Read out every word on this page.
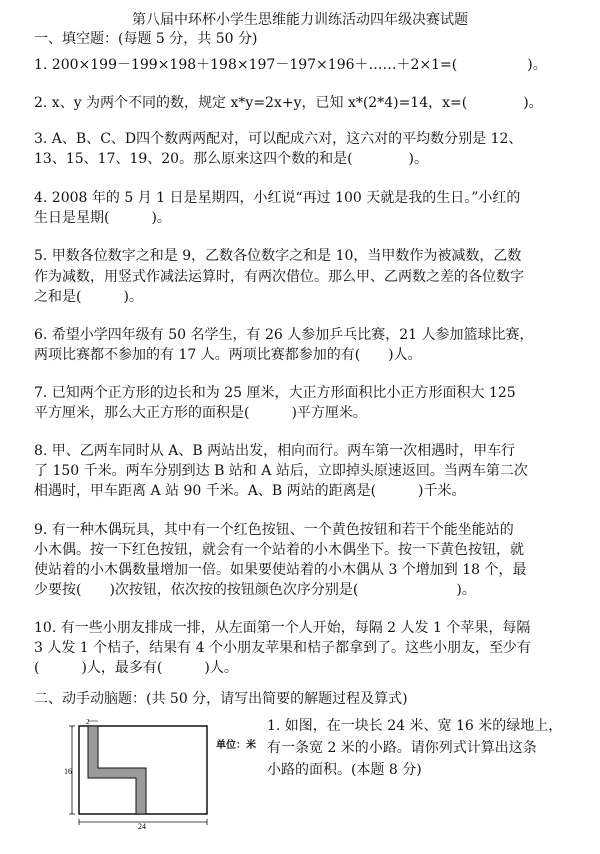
第八届中环杯小学生思维能力训练活动四年级决赛试题
一、填空题：(每题 5 分，共 50 分)
1. 200×199－199×198＋198×197－197×196＋……＋2×1=(　　　　　)。
2. x、y 为两个不同的数，规定 x*y=2x+y，已知 x*(2*4)=14，x=(　　　　)。
3. A、B、C、D四个数两两配对，可以配成六对，这六对的平均数分别是 12、
13、15、17、19、20。那么原来这四个数的和是(　　　　)。
4. 2008 年的 5 月 1 日是星期四，小红说“再过 100 天就是我的生日。”小红的
生日是星期(　　　)。
5. 甲数各位数字之和是 9，乙数各位数字之和是 10，当甲数作为被减数，乙数
作为减数，用竖式作减法运算时，有两次借位。那么甲、乙两数之差的各位数字
之和是(　　　)。
6. 希望小学四年级有 50 名学生，有 26 人参加乒乓比赛，21 人参加篮球比赛，
两项比赛都不参加的有 17 人。两项比赛都参加的有(　　)人。
7. 已知两个正方形的边长和为 25 厘米，大正方形面积比小正方形面积大 125
平方厘米，那么大正方形的面积是(　　　)平方厘米。
8. 甲、乙两车同时从 A、B 两站出发，相向而行。两车第一次相遇时，甲车行
了 150 千米。两车分别到达 B 站和 A 站后，立即掉头原速返回。当两车第二次
相遇时，甲车距离 A 站 90 千米。A、B 两站的距离是(　　　)千米。
9. 有一种木偶玩具，其中有一个红色按钮、一个黄色按钮和若干个能坐能站的
小木偶。按一下红色按钮，就会有一个站着的小木偶坐下。按一下黄色按钮，就
使站着的小木偶数量增加一倍。如果要使站着的小木偶从 3 个增加到 18 个，最
少要按(　　)次按钮，依次按的按钮颜色次序分别是(　　　　　　　)。
10. 有一些小朋友排成一排，从左面第一个人开始，每隔 2 人发 1 个苹果，每隔
3 人发 1 个桔子，结果有 4 个小朋友苹果和桔子都拿到了。这些小朋友，至少有
(　　　)人，最多有(　　　)人。
二、动手动脑题：(共 50 分，请写出简要的解题过程及算式)
2
16
24
单位：米
1. 如图，在一块长 24 米、宽 16 米的绿地上，
有一条宽 2 米的小路。请你列式计算出这条
小路的面积。(本题 8 分)
